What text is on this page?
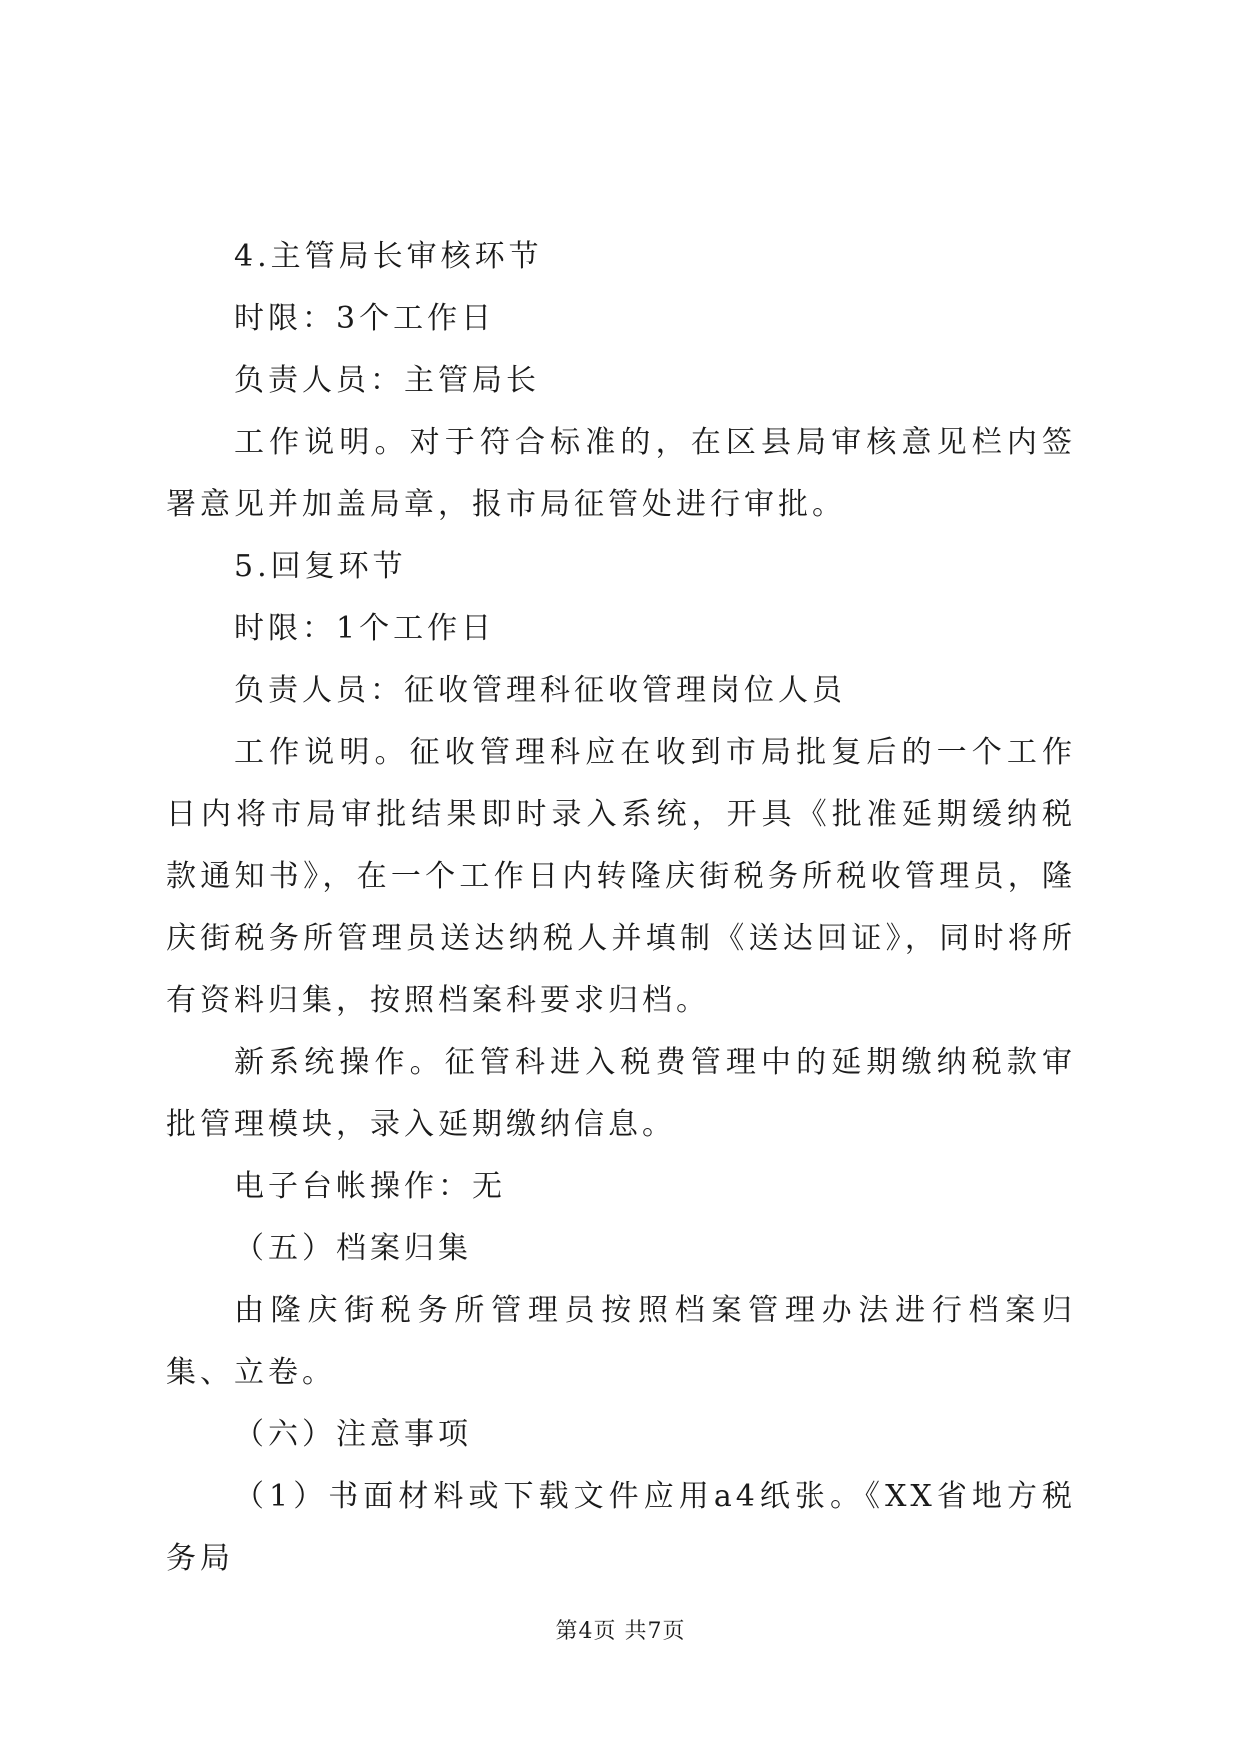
4.主管局长审核环节

时限：3个工作日

负责人员：主管局长

工作说明。对于符合标准的，在区县局审核意见栏内签署意见并加盖局章，报市局征管处进行审批。

5.回复环节

时限：1个工作日

负责人员：征收管理科征收管理岗位人员

工作说明。征收管理科应在收到市局批复后的一个工作日内将市局审批结果即时录入系统，开具《批准延期缓纳税款通知书》，在一个工作日内转隆庆街税务所税收管理员，隆庆街税务所管理员送达纳税人并填制《送达回证》，同时将所有资料归集，按照档案科要求归档。

新系统操作。征管科进入税费管理中的延期缴纳税款审批管理模块，录入延期缴纳信息。

电子台帐操作：无

（五）档案归集

由隆庆街税务所管理员按照档案管理办法进行档案归集、立卷。

（六）注意事项

（1）书面材料或下载文件应用a4纸张。《XX省地方税务局

第4页 共7页
